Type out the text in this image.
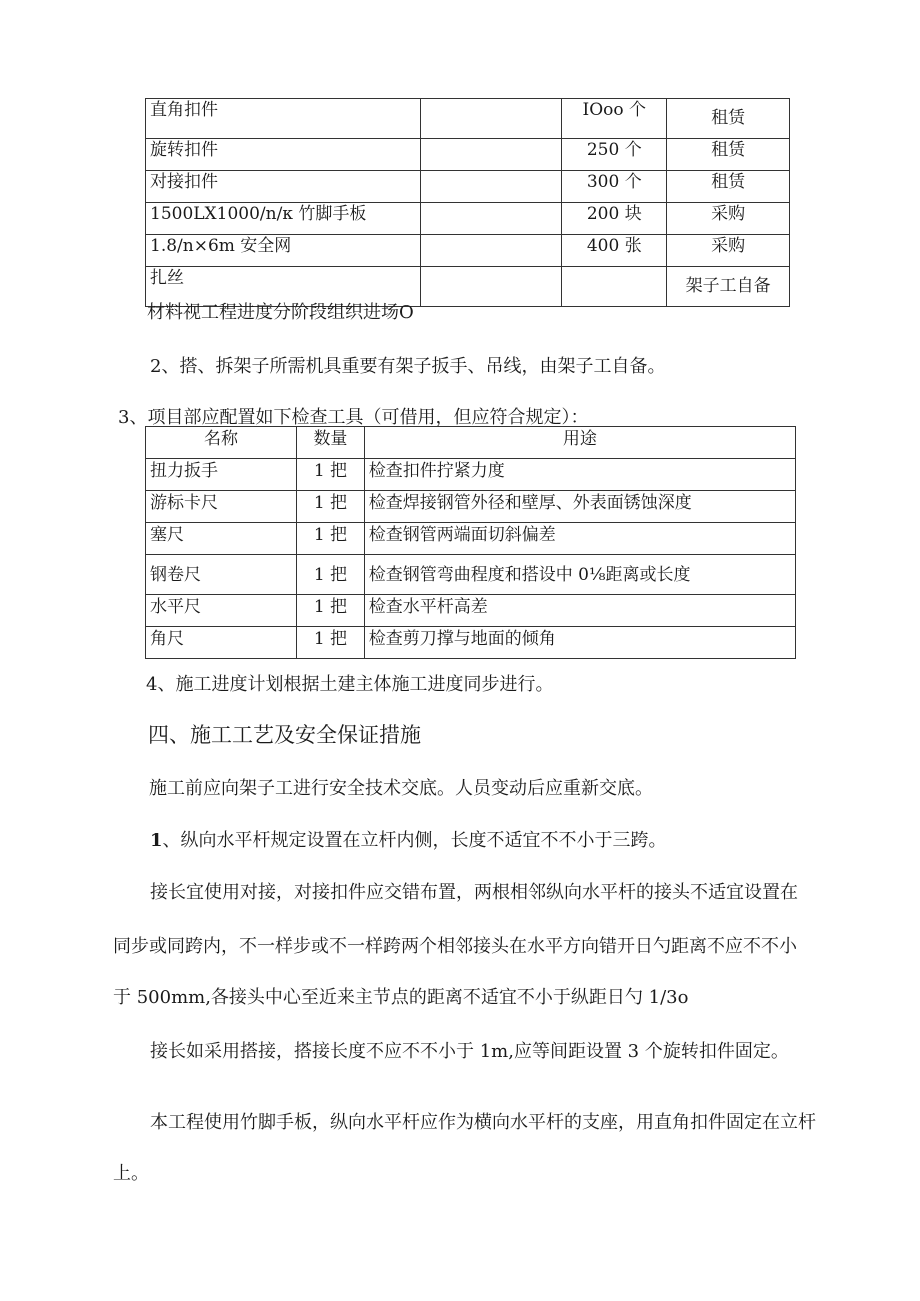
直角扣件		IOoo 个	租赁
旋转扣件		250 个	租赁
对接扣件		300 个	租赁
1500LX1000∕n∕κ 竹脚手板		200 块	采购
1.8∕n×6m 安全网		400 张	采购
扎丝			架子工自备

材料视工程进度分阶段组织进场O

2、搭、拆架子所需机具重要有架子扳手、吊线，由架子工自备。

3、项目部应配置如下检查工具（可借用，但应符合规定）：

名称	数量	用途
扭力扳手	1 把	检查扣件拧紧力度
游标卡尺	1 把	检查焊接钢管外径和壁厚、外表面锈蚀深度
塞尺	1 把	检查钢管两端面切斜偏差
钢卷尺	1 把	检查钢管弯曲程度和搭设中 0⅛距离或长度
水平尺	1 把	检查水平杆高差
角尺	1 把	检查剪刀撑与地面的倾角

4、施工进度计划根据土建主体施工进度同步进行。

四、施工工艺及安全保证措施

施工前应向架子工进行安全技术交底。人员变动后应重新交底。

1、纵向水平杆规定设置在立杆内侧，长度不适宜不不小于三跨。

接长宜使用对接，对接扣件应交错布置，两根相邻纵向水平杆的接头不适宜设置在

同步或同跨内，不一样步或不一样跨两个相邻接头在水平方向错开日勺距离不应不不小

于 500mm,各接头中心至近来主节点的距离不适宜不小于纵距日勺 1/3o

接长如采用搭接，搭接长度不应不不小于 1m,应等间距设置 3 个旋转扣件固定。

本工程使用竹脚手板，纵向水平杆应作为横向水平杆的支座，用直角扣件固定在立杆

上。
